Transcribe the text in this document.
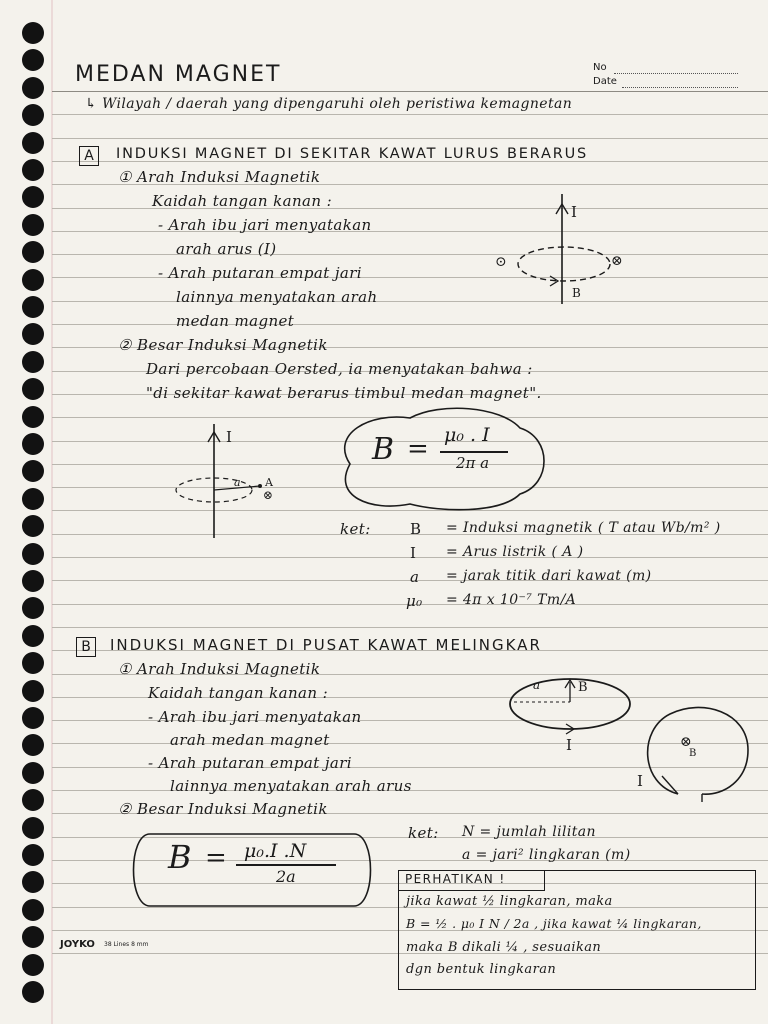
MEDAN MAGNET	No
Date
↳ Wilayah / daerah yang dipengaruhi oleh peristiwa kemagnetan
A	INDUKSI MAGNET DI SEKITAR KAWAT LURUS BERARUS
① Arah Induksi Magnetik
Kaidah tangan kanan :
- Arah ibu jari menyatakan
arah arus (I)
- Arah putaran empat jari
lainnya menyatakan arah
medan magnet
I
B
⊙	⊗
② Besar Induksi Magnetik
Dari percobaan Oersted, ia menyatakan bahwa :
"di sekitar kawat berarus timbul medan magnet".
I
a A
⊗
B = μ₀ . I
2π a
ket:	B = Induksi magnetik ( T atau Wb/m² )
I = Arus listrik ( A )
a = jarak titik dari kawat (m)
μ₀ = 4π x 10⁻⁷ Tm/A
B	INDUKSI MAGNET DI PUSAT KAWAT MELINGKAR
① Arah Induksi Magnetik
Kaidah tangan kanan :
- Arah ibu jari menyatakan
arah medan magnet
- Arah putaran empat jari
lainnya menyatakan arah arus
a	B
I	⊗
B
I
② Besar Induksi Magnetik
B = μ₀.I .N
2a
ket: N = jumlah lilitan
a = jari² lingkaran (m)
PERHATIKAN !
jika kawat ½ lingkaran, maka
B = ½ . μ₀ I N / 2a , jika kawat ¼ lingkaran,
maka B dikali ¼ , sesuaikan
dgn bentuk lingkaran
JOYKO 38 Lines 8 mm
